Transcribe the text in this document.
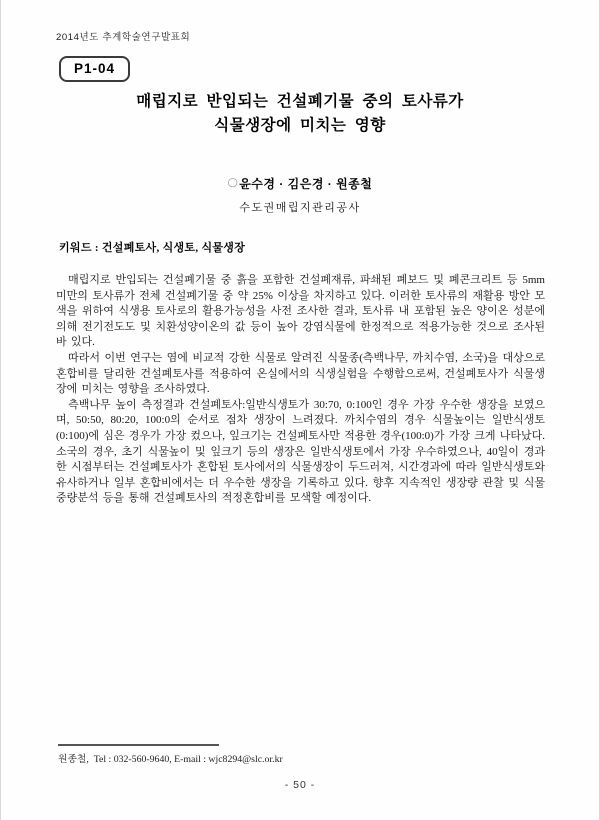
2014년도 추계학술연구발표회
P1-04
매립지로 반입되는 건설폐기물 중의 토사류가
식물생장에 미치는 영향
◯윤수경 · 김은경 · 원종철
수도권매립지관리공사
키워드 : 건설폐토사, 식생토, 식물생장

매립지로 반입되는 건설폐기물 중 흙을 포함한 건설폐재류, 파쇄된 폐보드 및 폐콘크리트 등 5mm 미만의 토사류가 전체 건설폐기물 중 약 25% 이상을 차지하고 있다. 이러한 토사류의 재활용 방안 모색을 위하여 식생용 토사로의 활용가능성을 사전 조사한 결과, 토사류 내 포함된 높은 양이온 성분에 의해 전기전도도 및 치환성양이온의 값 등이 높아 강염식물에 한정적으로 적용가능한 것으로 조사된 바 있다.

따라서 이번 연구는 염에 비교적 강한 식물로 알려진 식물종(측백나무, 까치수염, 소국)을 대상으로 혼합비를 달리한 건설폐토사를 적용하여 온실에서의 식생실험을 수행함으로써, 건설폐토사가 식물생장에 미치는 영향을 조사하였다.

측백나무 높이 측정결과 건설폐토사:일반식생토가 30:70, 0:100인 경우 가장 우수한 생장을 보였으며, 50:50, 80:20, 100:0의 순서로 점차 생장이 느려졌다. 까치수염의 경우 식물높이는 일반식생토(0:100)에 심은 경우가 가장 컸으나, 잎크기는 건설폐토사만 적용한 경우(100:0)가 가장 크게 나타났다. 소국의 경우, 초기 식물높이 및 잎크기 등의 생장은 일반식생토에서 가장 우수하였으나, 40일이 경과한 시점부터는 건설폐토사가 혼합된 토사에서의 식물생장이 두드러져, 시간경과에 따라 일반식생토와 유사하거나 일부 혼합비에서는 더 우수한 생장을 기록하고 있다. 향후 지속적인 생장량 관찰 및 식물중량분석 등을 통해 건설폐토사의 적정혼합비를 모색할 예정이다.

원종철,  Tel : 032-560-9640, E-mail : wjc8294@slc.or.kr
- 50 -
